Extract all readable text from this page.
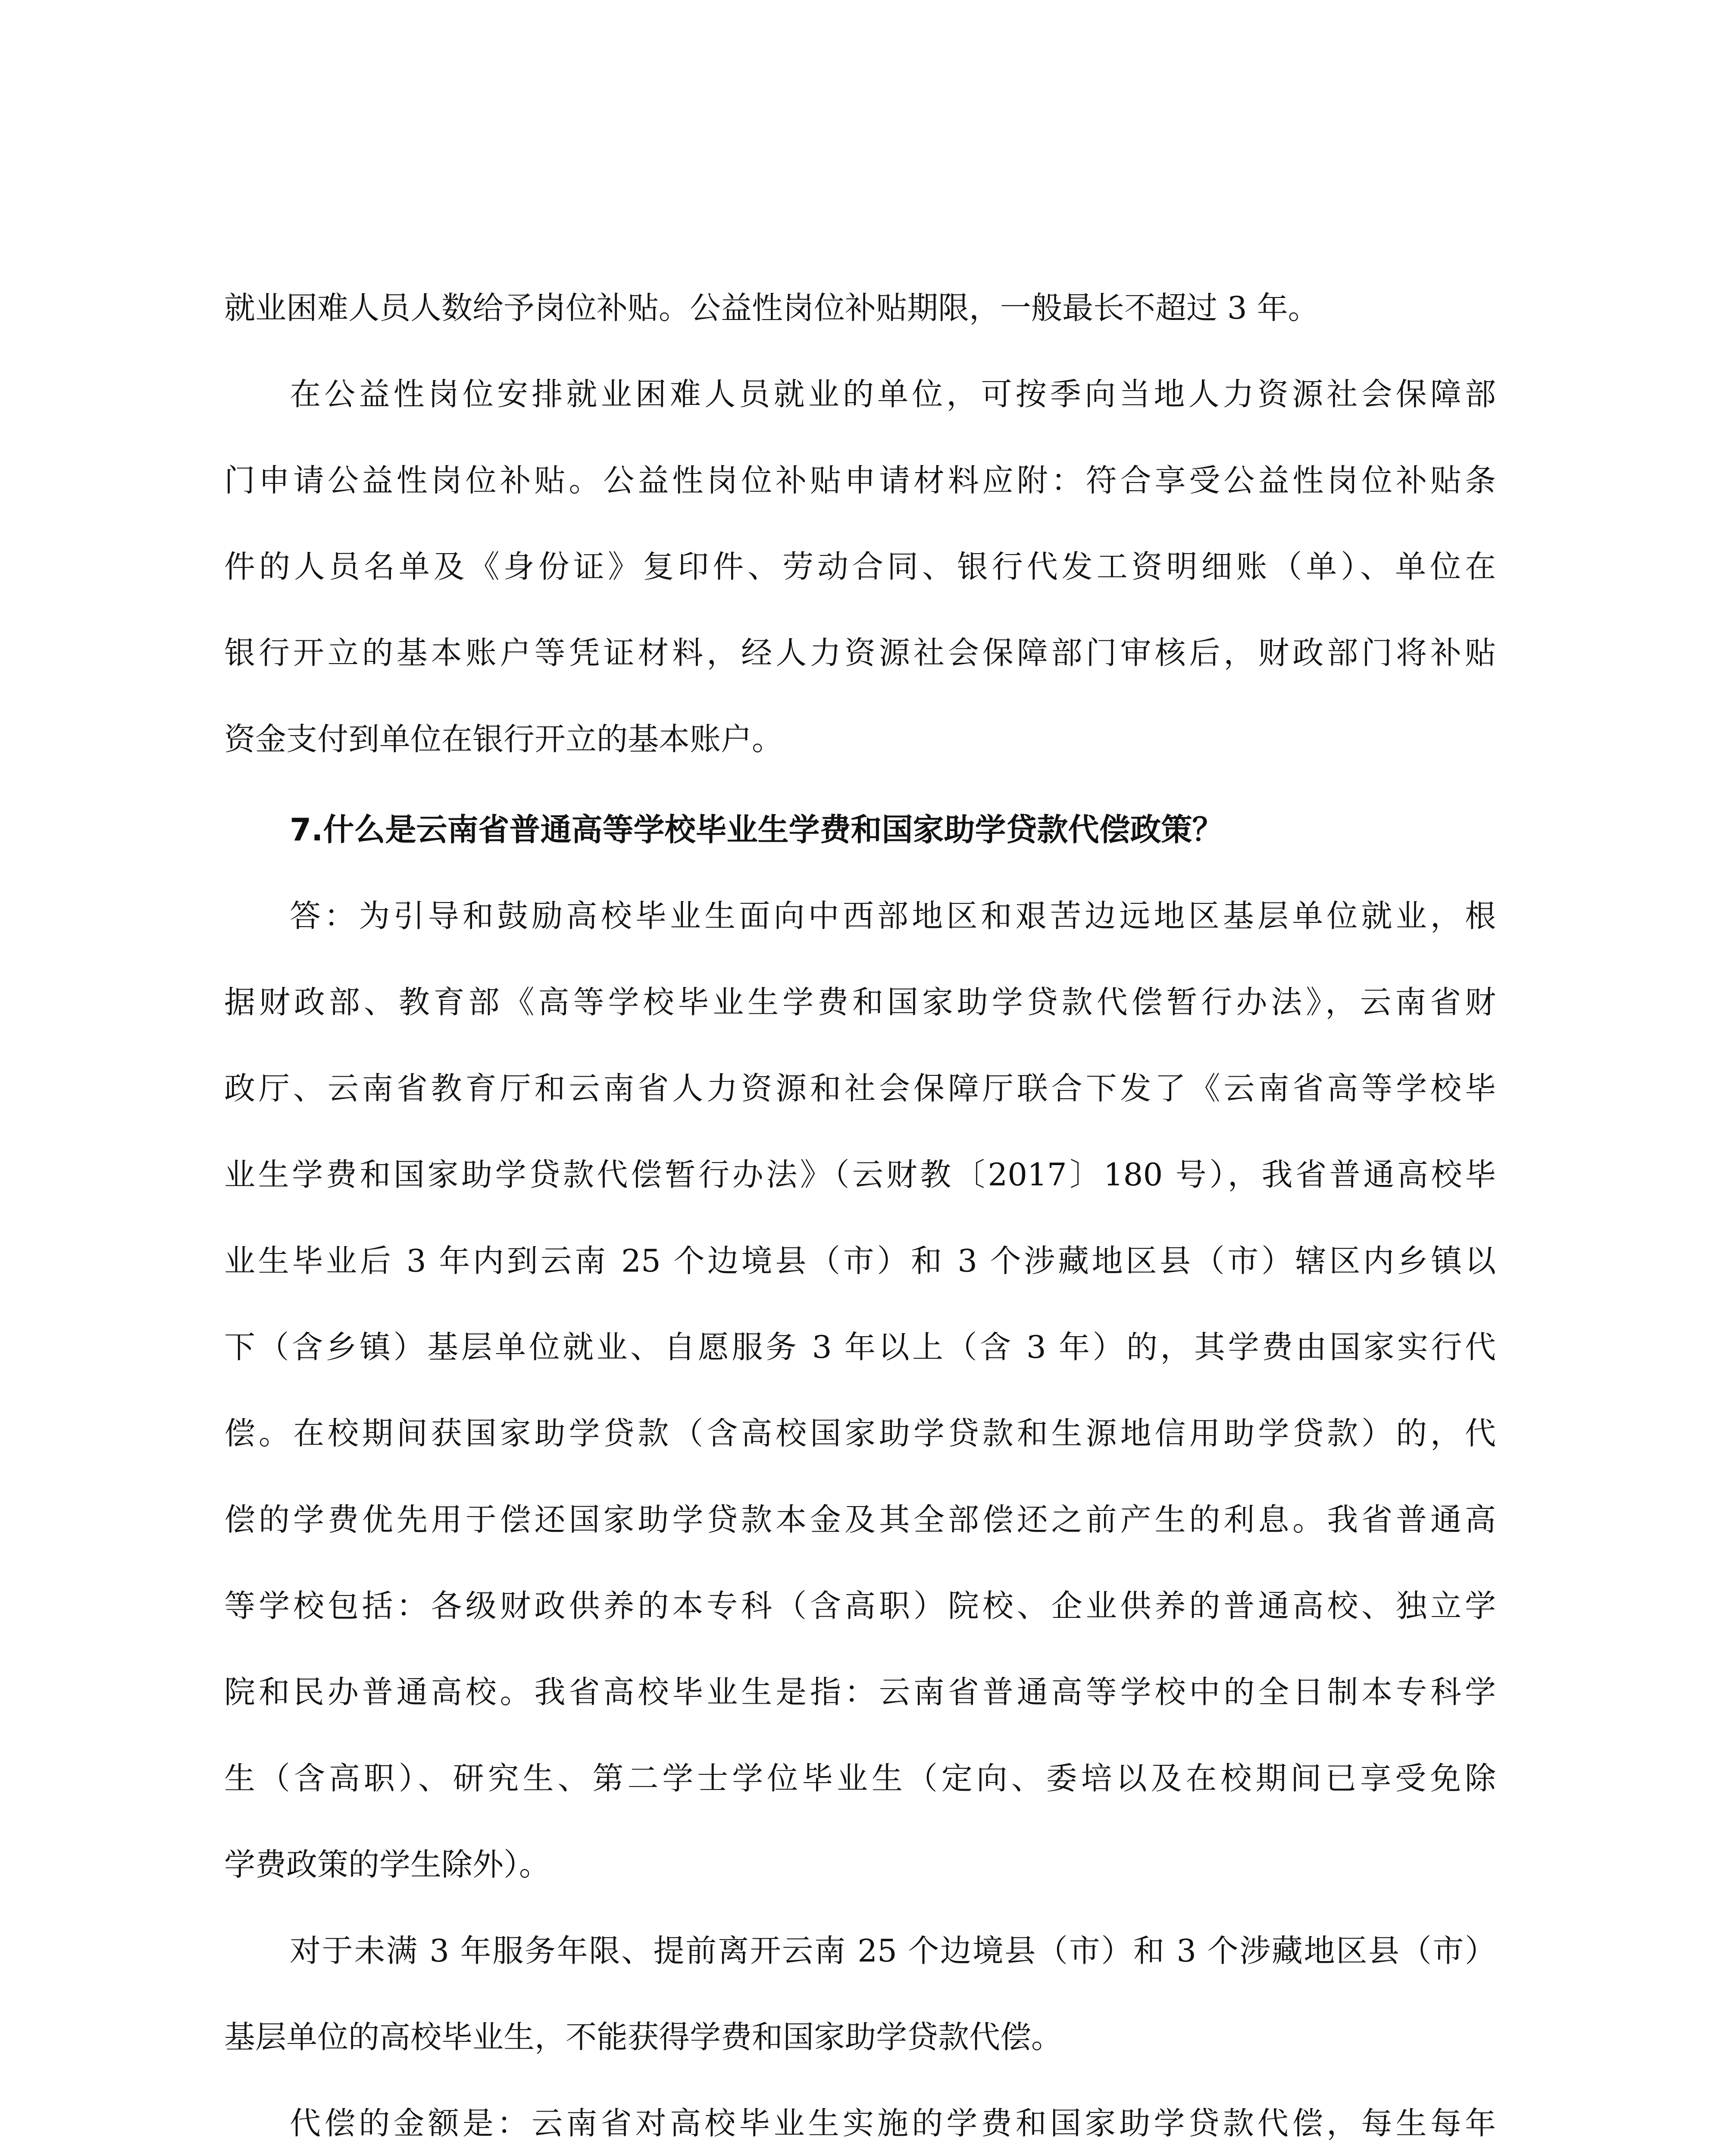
就业困难人员人数给予岗位补贴。公益性岗位补贴期限，一般最长不超过 3 年。
在公益性岗位安排就业困难人员就业的单位，可按季向当地人力资源社会保障部
门申请公益性岗位补贴。公益性岗位补贴申请材料应附：符合享受公益性岗位补贴条
件的人员名单及《身份证》复印件、劳动合同、银行代发工资明细账（单）、单位在
银行开立的基本账户等凭证材料，经人力资源社会保障部门审核后，财政部门将补贴
资金支付到单位在银行开立的基本账户。
7.什么是云南省普通高等学校毕业生学费和国家助学贷款代偿政策？
答：为引导和鼓励高校毕业生面向中西部地区和艰苦边远地区基层单位就业，根
据财政部、教育部《高等学校毕业生学费和国家助学贷款代偿暂行办法》，云南省财
政厅、云南省教育厅和云南省人力资源和社会保障厅联合下发了《云南省高等学校毕
业生学费和国家助学贷款代偿暂行办法》（云财教〔2017〕180 号），我省普通高校毕
业生毕业后 3 年内到云南 25 个边境县（市）和 3 个涉藏地区县（市）辖区内乡镇以
下（含乡镇）基层单位就业、自愿服务 3 年以上（含 3 年）的，其学费由国家实行代
偿。在校期间获国家助学贷款（含高校国家助学贷款和生源地信用助学贷款）的，代
偿的学费优先用于偿还国家助学贷款本金及其全部偿还之前产生的利息。我省普通高
等学校包括：各级财政供养的本专科（含高职）院校、企业供养的普通高校、独立学
院和民办普通高校。我省高校毕业生是指：云南省普通高等学校中的全日制本专科学
生（含高职）、研究生、第二学士学位毕业生（定向、委培以及在校期间已享受免除
学费政策的学生除外）。
对于未满 3 年服务年限、提前离开云南 25 个边境县（市）和 3 个涉藏地区县（市）
基层单位的高校毕业生，不能获得学费和国家助学贷款代偿。
代偿的金额是：云南省对高校毕业生实施的学费和国家助学贷款代偿，每生每年
